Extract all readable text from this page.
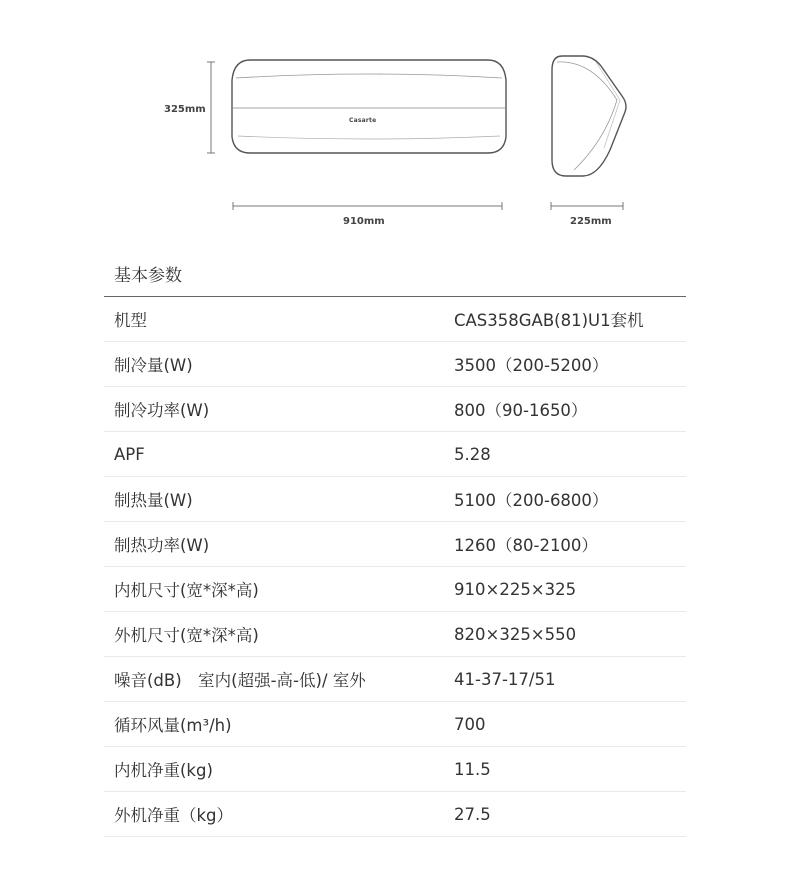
Casarte
325mm
910mm	225mm
基本参数
机型	CAS358GAB(81)U1套机
制冷量(W)	3500（200-5200）
制冷功率(W)	800（90-1650）
APF	5.28
制热量(W)	5100（200-6800）
制热功率(W)	1260（80-2100）
内机尺寸(宽*深*高)	910×225×325
外机尺寸(宽*深*高)	820×325×550
噪音(dB)　室内(超强-高-低)/ 室外	41-37-17/51
循环风量(m³/h)	700
内机净重(kg)	11.5
外机净重（kg）	27.5
